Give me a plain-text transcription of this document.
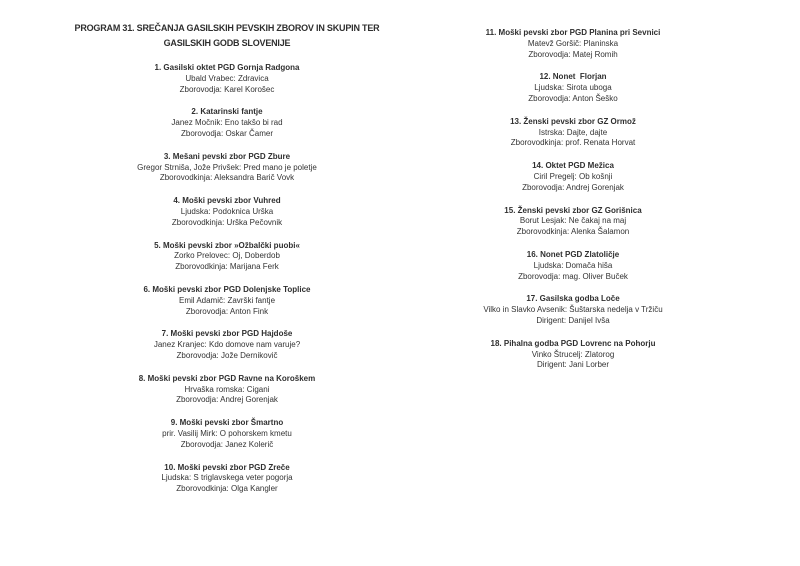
PROGRAM 31. SREČANJA GASILSKIH PEVSKIH ZBOROV IN SKUPIN TER
GASILSKIH GODB SLOVENIJE
1. Gasilski oktet PGD Gornja Radgona
Ubald Vrabec: Zdravica
Zborovodja: Karel Korošec
2. Katarinski fantje
Janez Močnik: Eno takšo bi rad
Zborovodja: Oskar Čamer
3. Mešani pevski zbor PGD Zbure
Gregor Strniša, Jože Privšek: Pred mano je poletje
Zborovodkinja: Aleksandra Barič Vovk
4. Moški pevski zbor Vuhred
Ljudska: Podoknica Urška
Zborovodkinja: Urška Pečovnik
5. Moški pevski zbor »Ožbalčki puobi«
Zorko Prelovec: Oj, Doberdob
Zborovodkinja: Marijana Ferk
6. Moški pevski zbor PGD Dolenjske Toplice
Emil Adamič: Završki fantje
Zborovodja: Anton Fink
7. Moški pevski zbor PGD Hajdoše
Janez Kranjec: Kdo domove nam varuje?
Zborovodja: Jože Dernikovič
8. Moški pevski zbor PGD Ravne na Koroškem
Hrvaška romska: Cigani
Zborovodja: Andrej Gorenjak
9. Moški pevski zbor Šmartno
prir. Vasilij Mirk: O pohorskem kmetu
Zborovodja: Janez Kolerič
10. Moški pevski zbor PGD Zreče
Ljudska: S triglavskega veter pogorja
Zborovodkinja: Olga Kangler
11. Moški pevski zbor PGD Planina pri Sevnici
Matevž Goršič: Planinska
Zborovodja: Matej Romih
12. Nonet  Florjan
Ljudska: Sirota uboga
Zborovodja: Anton Šeško
13. Ženski pevski zbor GZ Ormož
Istrska: Dajte, dajte
Zborovodkinja: prof. Renata Horvat
14. Oktet PGD Mežica
Ciril Pregelj: Ob košnji
Zborovodja: Andrej Gorenjak
15. Ženski pevski zbor GZ Gorišnica
Borut Lesjak: Ne čakaj na maj
Zborovodkinja: Alenka Šalamon
16. Nonet PGD Zlatoličje
Ljudska: Domača hiša
Zborovodja: mag. Oliver Buček
17. Gasilska godba Loče
Vilko in Slavko Avsenik: Šuštarska nedelja v Tržiču
Dirigent: Danijel Ivša
18. Pihalna godba PGD Lovrenc na Pohorju
Vinko Štrucelj: Zlatorog
Dirigent: Jani Lorber
